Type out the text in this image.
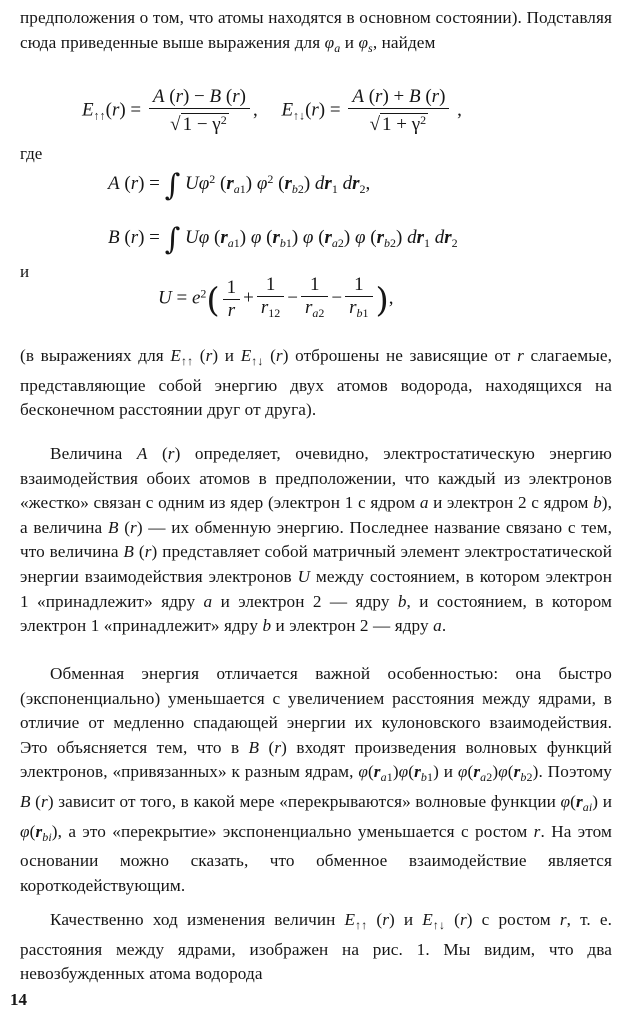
предположения о том, что атомы находятся в основном состоянии). Подставляя сюда приведенные выше выражения для $\varphi_a$ и $\varphi_s$, найдем

$E_{↑↑}(r) = \frac{A (r) - B (r)}{√ 1 - \gamma^2}$ ,     $E_{↑↓}(r) = \frac{A (r) + B (r)}{√ 1 + \gamma^2}$ ,
где
A (r) = ∫ $U\varphi^2$ $(r_{a1})$ $\varphi^2$ $(r_{b2})$ $dr_1$ $dr_2$,
B (r) = ∫ Uφ $(r_{a1})$ φ $(r_{b1})$ φ $(r_{a2})$ φ $(r_{b2})$ $dr_1$ $dr_2$
и
$U = e^2( \frac{1}{r} + \frac{1}{r_{12}} - \frac{1}{r_{a2}} - \frac{1}{r_{b1}}$ ),

(в выражениях для $E_{↑↑}$ (r) и $E_{↑↓}$ (r) отброшены не зависящие от r слагаемые, представляющие собой энергию двух атомов водорода, находящихся на бесконечном расстоянии друг от друга).

Величина A (r) определяет, очевидно, электростатическую энергию взаимодействия обоих атомов в предположении, что каждый из электронов «жестко» связан с одним из ядер (электрон 1 с ядром a и электрон 2 с ядром b), а величина B (r) — их обменную энергию. Последнее название связано с тем, что величина B (r) представляет собой матричный элемент электростатической энергии взаимодействия электронов U между состоянием, в котором электрон 1 «принадлежит» ядру a и электрон 2 — ядру b, и состоянием, в котором электрон 1 «принадлежит» ядру b и электрон 2 — ядру a.

Обменная энергия отличается важной особенностью: она быстро (экспоненциально) уменьшается с увеличением расстояния между ядрами, в отличие от медленно спадающей энергии их кулоновского взаимодействия. Это объясняется тем, что в B (r) входят произведения волновых функций электронов, «привязанных» к разным ядрам, $\varphi(r_{a1})\varphi(r_{b1})$ и $\varphi(r_{a2})\varphi(r_{b2})$. Поэтому B (r) зависит от того, в какой мере «перекрываются» волновые функции $\varphi(r_{ai})$ и $\varphi(r_{bi})$, а это «перекрытие» экспоненциально уменьшается с ростом r. На этом основании можно сказать, что обменное взаимодействие является короткодействующим.

Качественно ход изменения величин $E_{↑↑}$ (r) и $E_{↑↓}$ (r) с ростом r, т. е. расстояния между ядрами, изображен на рис. 1. Мы видим, что два невозбужденных атома водорода

14
